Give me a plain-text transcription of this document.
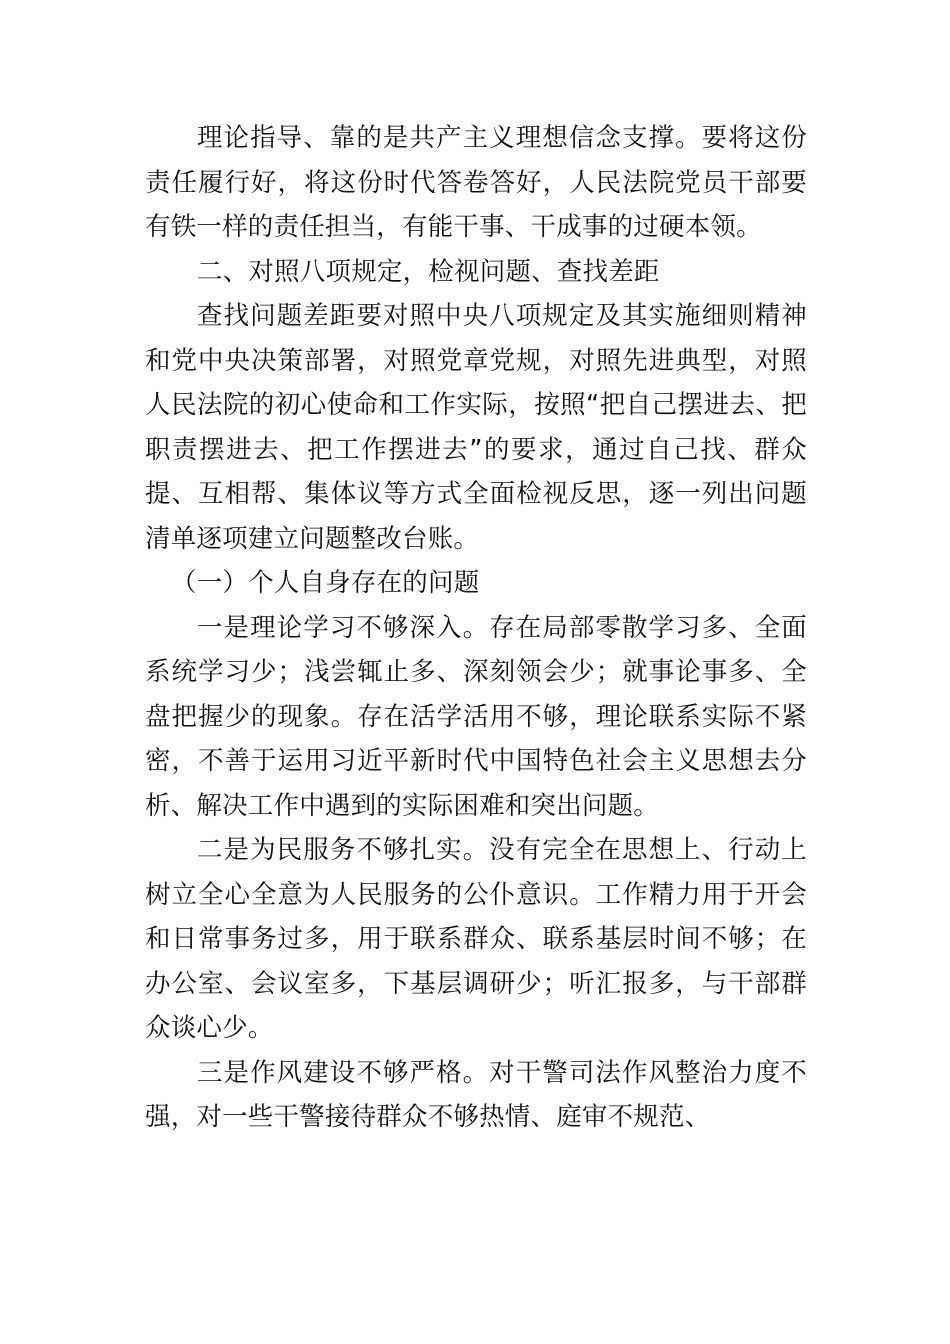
理论指导、靠的是共产主义理想信念支撑。要将这份责任履行好，将这份时代答卷答好，人民法院党员干部要有铁一样的责任担当，有能干事、干成事的过硬本领。

二、对照八项规定，检视问题、查找差距

查找问题差距要对照中央八项规定及其实施细则精神和党中央决策部署，对照党章党规，对照先进典型，对照人民法院的初心使命和工作实际，按照“把自己摆进去、把职责摆进去、把工作摆进去”的要求，通过自己找、群众提、互相帮、集体议等方式全面检视反思，逐一列出问题清单逐项建立问题整改台账。

（一）个人自身存在的问题

一是理论学习不够深入。存在局部零散学习多、全面系统学习少；浅尝辄止多、深刻领会少；就事论事多、全盘把握少的现象。存在活学活用不够，理论联系实际不紧密，不善于运用习近平新时代中国特色社会主义思想去分析、解决工作中遇到的实际困难和突出问题。

二是为民服务不够扎实。没有完全在思想上、行动上树立全心全意为人民服务的公仆意识。工作精力用于开会和日常事务过多，用于联系群众、联系基层时间不够；在办公室、会议室多，下基层调研少；听汇报多，与干部群众谈心少。

三是作风建设不够严格。对干警司法作风整治力度不强，对一些干警接待群众不够热情、庭审不规范、
